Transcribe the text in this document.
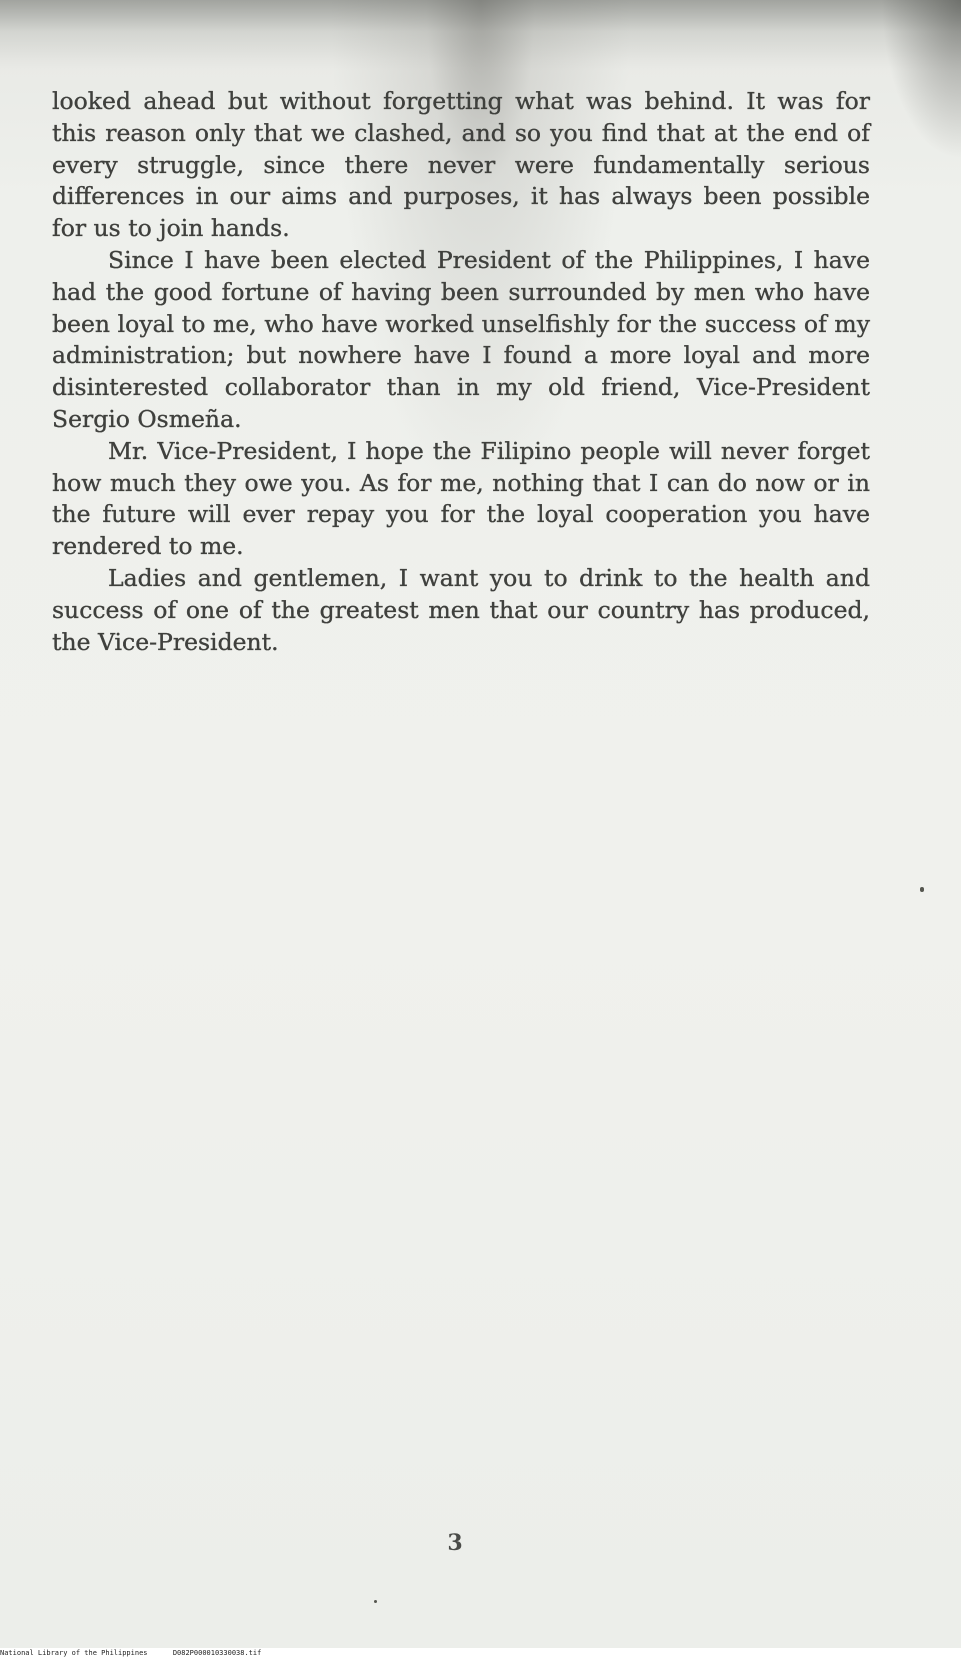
looked ahead but without forgetting what was behind. It was for this reason only that we clashed, and so you find that at the end of every struggle, since there never were fundamentally serious differences in our aims and purposes, it has always been possible for us to join hands.

Since I have been elected President of the Philippines, I have had the good fortune of having been surrounded by men who have been loyal to me, who have worked unselfishly for the success of my administration; but nowhere have I found a more loyal and more disinterested collaborator than in my old friend, Vice-President Sergio Osmeña.

Mr. Vice-President, I hope the Filipino people will never forget how much they owe you. As for me, nothing that I can do now or in the future will ever repay you for the loyal cooperation you have rendered to me.

Ladies and gentlemen, I want you to drink to the health and success of one of the greatest men that our country has produced, the Vice-President.

3
National Library of the Philippines	D082P000010330038.tif
